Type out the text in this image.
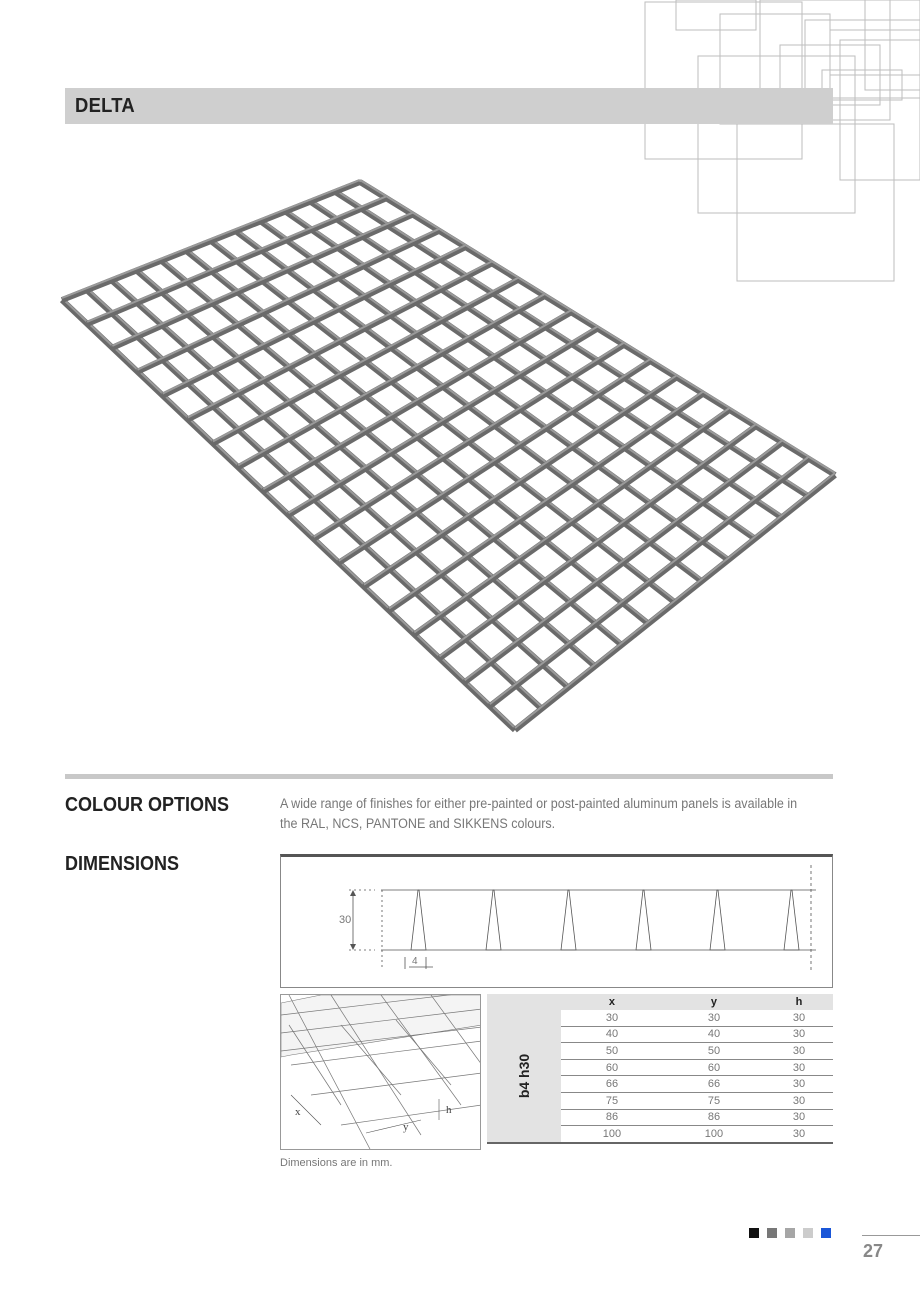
DELTA
COLOUR OPTIONS	A wide range of finishes for either pre-painted or post-painted aluminum panels is available in the RAL, NCS, PANTONE and SIKKENS colours.
DIMENSIONS
30
4
x
y
h
	x	y	h
b4 h30	30	30	30
	40	40	30
	50	50	30
	60	60	30
	66	66	30
	75	75	30
	86	86	30
	100	100	30
Dimensions are in mm.
27
